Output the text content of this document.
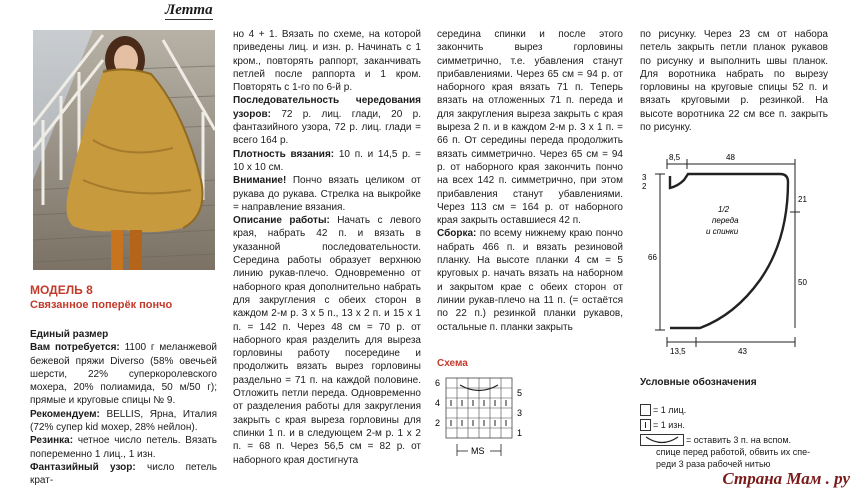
Летта
МОДЕЛЬ 8
Связанное поперёк пончо

Единый размер

Вам потребуется: 1100 г меланжевой бежевой пряжи Diverso (58% овечьей шерсти, 22% суперкоролевского мохера, 20% полиамида, 50 м/50 г); прямые и круговые спицы № 9.

Рекомендуем: BELLIS, Ярна, Италия (72% супер kid мохер, 28% нейлон).

Резинка: четное число петель. Вязать попеременно 1 лиц., 1 изн.

Фантазийный узор: число петель крат-

но 4 + 1. Вязать по схеме, на которой приведены лиц. и изн. р. Начинать с 1 кром., повторять раппорт, заканчивать петлей после раппорта и 1 кром. Повторять с 1-го по 6-й р.

Последовательность чередования узоров: 72 р. лиц. глади, 20 р. фантазийного узора, 72 р. лиц. глади = всего 164 р.

Плотность вязания: 10 п. и 14,5 р. = 10 х 10 см.

Внимание! Пончо вязать целиком от рукава до рукава. Стрелка на выкройке = направление вязания.

Описание работы: Начать с левого края, набрать 42 п. и вязать в указанной последовательности. Середина работы образует верхнюю линию рукав-плечо. Одновременно от наборного края дополнительно набрать для закругления с обеих сторон в каждом 2-м р. 3 х 5 п., 13 х 2 п. и 15 х 1 п. = 142 п. Через 48 см = 70 р. от наборного края разделить для выреза горловины работу посередине и продолжить вязать вырез горловины раздельно = 71 п. на каждой половине. Отложить петли переда. Одновременно от разделения работы для закругления закрыть с края выреза горловины для спинки 1 п. и в следующем 2-м р. 1 х 2 п. = 68 п. Через 56,5 см = 82 р. от наборного края достигнута

середина спинки и после этого закончить вырез горловины симметрично, т.е. убавления станут прибавлениями. Через 65 см = 94 р. от наборного края вязать 71 п. Теперь вязать на отложенных 71 п. переда и для закругления выреза закрыть с края выреза 2 п. и в каждом 2-м р. 3 х 1 п. = 66 п. От середины переда продолжить вязать симметрично. Через 65 см = 94 р. от наборного края закончить пончо на всех 142 п. симметрично, при этом прибавления станут убавлениями. Через 113 см = 164 р. от наборного края закрыть оставшиеся 42 п.

Сборка: по всему нижнему краю пончо набрать 466 п. и вязать резиновой планку. На высоте планки 4 см = 5 круговых р. начать вязать на наборном и закрытом крае с обеих сторон от линии рукав-плечо на 11 п. (= остаётся по 22 п.) резинкой планки рукавов, остальные п. планки закрыть

по рисунку. Через 23 см от набора петель закрыть петли планок рукавов по рисунку и выполнить швы планок. Для воротника набрать по вырезу горловины на круговые спицы 52 п. и вязать круговыми р. резинкой. На высоте воротника 22 см все п. закрыть по рисунку.

8,5	48
3
2
21
66
50
13,5	43
1/2
переда
и спинки
Схема
6
4
2
5
3
1
MS
Условные обозначения
= 1 лиц.
= 1 изн.
= оставить 3 п. на вспом.
спице перед работой, обвить их спе-
реди 3 раза рабочей нитью
Страна Мам . ру
